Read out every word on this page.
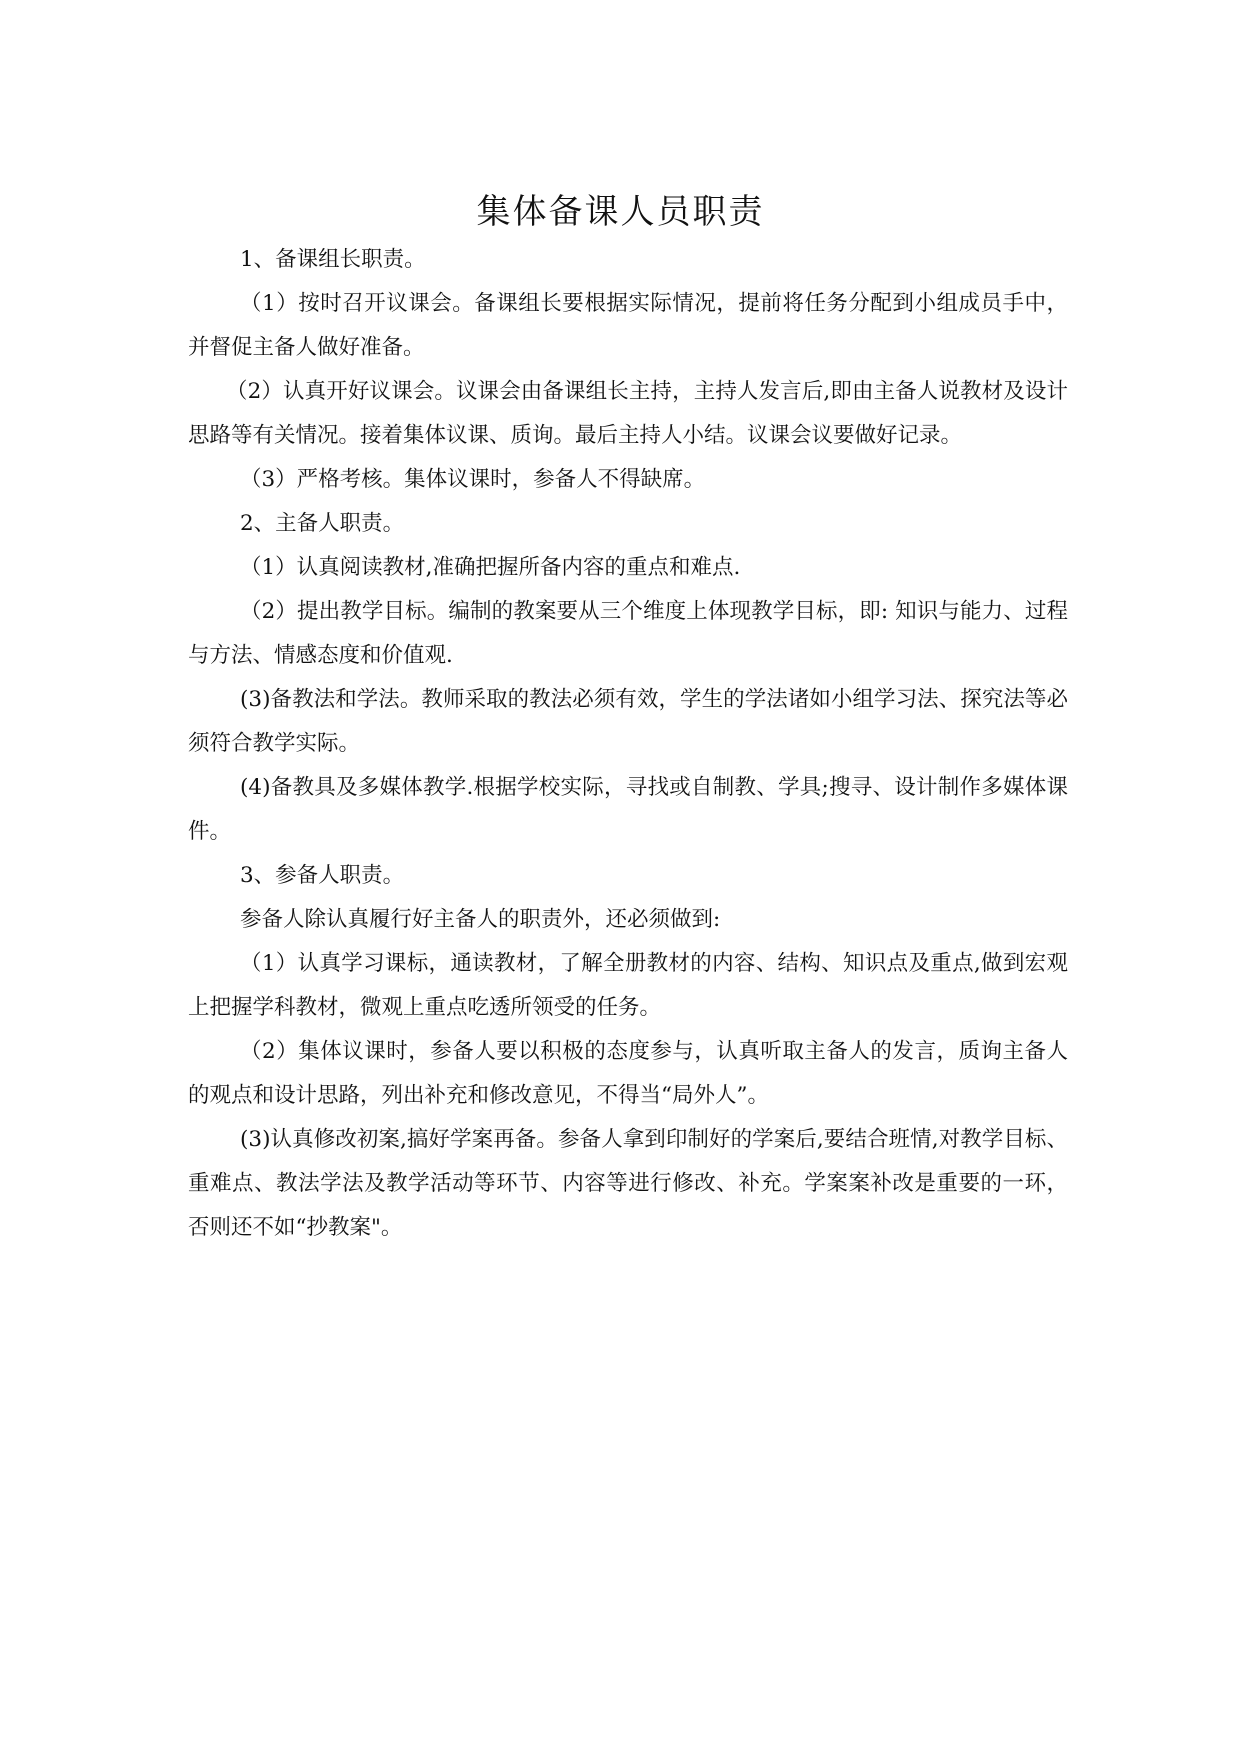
集体备课人员职责

1、备课组长职责。

（1）按时召开议课会。备课组长要根据实际情况，提前将任务分配到小组成员手中，并督促主备人做好准备。

（2）认真开好议课会。议课会由备课组长主持，主持人发言后,即由主备人说教材及设计思路等有关情况。接着集体议课、质询。最后主持人小结。议课会议要做好记录。

（3）严格考核。集体议课时，参备人不得缺席。

2、主备人职责。

（1）认真阅读教材,准确把握所备内容的重点和难点.

（2）提出教学目标。编制的教案要从三个维度上体现教学目标，即: 知识与能力、过程与方法、情感态度和价值观.

(3)备教法和学法。教师采取的教法必须有效，学生的学法诸如小组学习法、探究法等必须符合教学实际。

(4)备教具及多媒体教学.根据学校实际，寻找或自制教、学具;搜寻、设计制作多媒体课件。

3、参备人职责。

参备人除认真履行好主备人的职责外，还必须做到:

（1）认真学习课标，通读教材，了解全册教材的内容、结构、知识点及重点,做到宏观上把握学科教材，微观上重点吃透所领受的任务。

（2）集体议课时，参备人要以积极的态度参与，认真听取主备人的发言，质询主备人的观点和设计思路，列出补充和修改意见，不得当“局外人”。

(3)认真修改初案,搞好学案再备。参备人拿到印制好的学案后,要结合班情,对教学目标、重难点、教法学法及教学活动等环节、内容等进行修改、补充。学案案补改是重要的一环，否则还不如“抄教案"。
